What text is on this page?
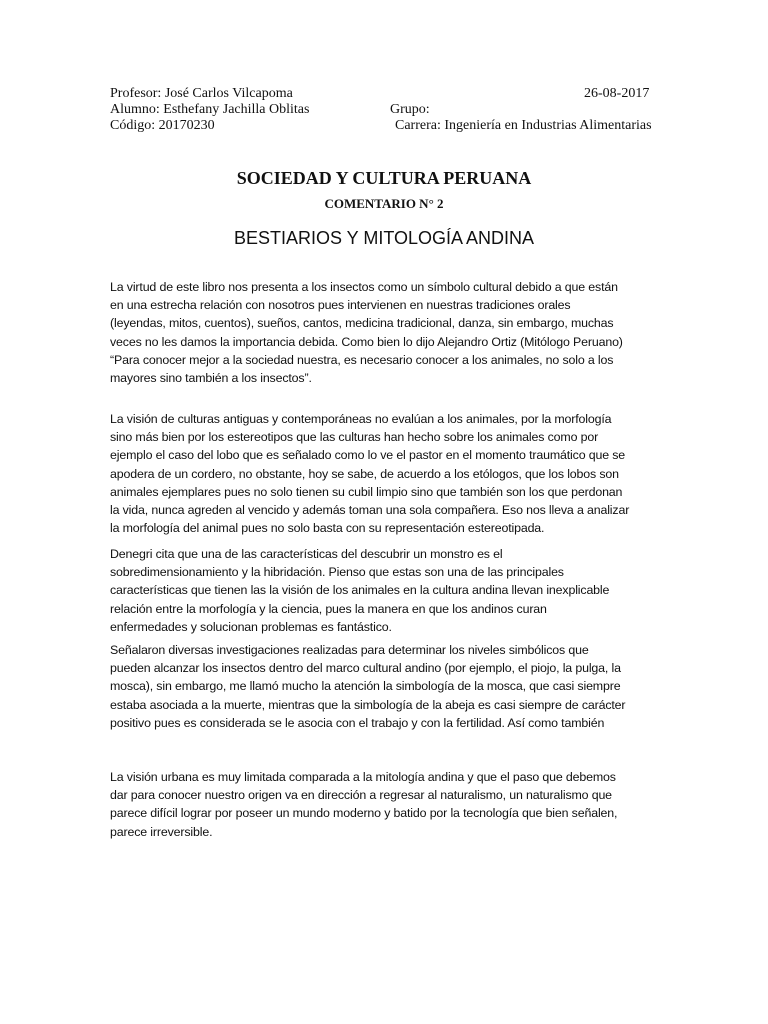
Profesor: José Carlos Vilcapoma	26-08-2017
Alumno: Esthefany Jachilla Oblitas	Grupo:
Código: 20170230	Carrera: Ingeniería en Industrias Alimentarias
SOCIEDAD Y CULTURA PERUANA
COMENTARIO N° 2
BESTIARIOS Y MITOLOGÍA ANDINA
La virtud de este libro nos presenta a los insectos como un símbolo cultural debido a que están
en una estrecha relación con nosotros pues intervienen en nuestras tradiciones orales
(leyendas, mitos, cuentos), sueños, cantos, medicina tradicional, danza, sin embargo, muchas
veces no les damos la importancia debida. Como bien lo dijo Alejandro Ortiz (Mitólogo Peruano)
“Para conocer mejor a la sociedad nuestra, es necesario conocer a los animales, no solo a los
mayores sino también a los insectos”.
La visión de culturas antiguas y contemporáneas no evalúan a los animales, por la morfología
sino más bien por los estereotipos que las culturas han hecho sobre los animales como por
ejemplo el caso del lobo que es señalado como lo ve el pastor en el momento traumático que se
apodera de un cordero, no obstante, hoy se sabe, de acuerdo a los etólogos, que los lobos son
animales ejemplares pues no solo tienen su cubil limpio sino que también son los que perdonan
la vida, nunca agreden al vencido y además toman una sola compañera. Eso nos lleva a analizar
la morfología del animal pues no solo basta con su representación estereotipada.
Denegri cita que una de las características del descubrir un monstro es el
sobredimensionamiento y la hibridación. Pienso que estas son una de las principales
características que tienen las la visión de los animales en la cultura andina llevan inexplicable
relación entre la morfología y la ciencia, pues la manera en que los andinos curan
enfermedades y solucionan problemas es fantástico.
Señalaron diversas investigaciones realizadas para determinar los niveles simbólicos que
pueden alcanzar los insectos dentro del marco cultural andino (por ejemplo, el piojo, la pulga, la
mosca), sin embargo, me llamó mucho la atención la simbología de la mosca, que casi siempre
estaba asociada a la muerte, mientras que la simbología de la abeja es casi siempre de carácter
positivo pues es considerada se le asocia con el trabajo y con la fertilidad. Así como también
La visión urbana es muy limitada comparada a la mitología andina y que el paso que debemos
dar para conocer nuestro origen va en dirección a regresar al naturalismo, un naturalismo que
parece difícil lograr por poseer un mundo moderno y batido por la tecnología que bien señalen,
parece irreversible.
